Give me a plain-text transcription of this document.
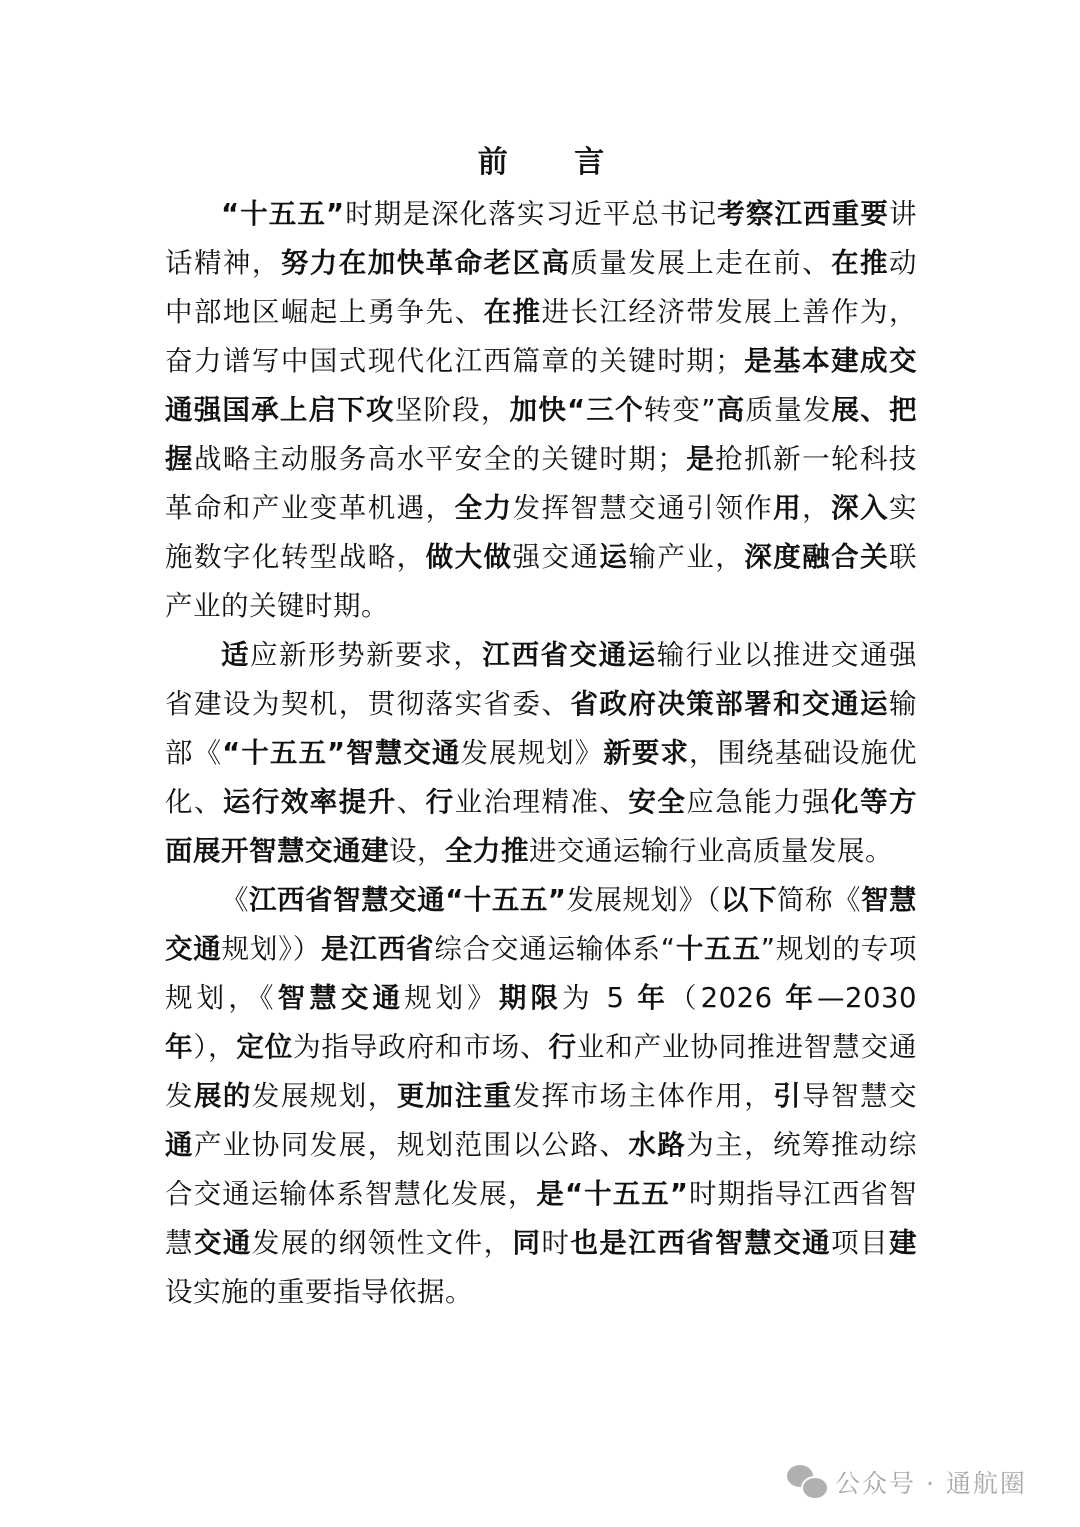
前 言

“十五五”时期是深化落实习近平总书记考察江西重要讲话精神，努力在加快革命老区高质量发展上走在前、在推动中部地区崛起上勇争先、在推进长江经济带发展上善作为，奋力谱写中国式现代化江西篇章的关键时期；是基本建成交通强国承上启下攻坚阶段，加快“三个转变”高质量发展、把握战略主动服务高水平安全的关键时期；是抢抓新一轮科技革命和产业变革机遇，全力发挥智慧交通引领作用，深入实施数字化转型战略，做大做强交通运输产业，深度融合关联产业的关键时期。

适应新形势新要求，江西省交通运输行业以推进交通强省建设为契机，贯彻落实省委、省政府决策部署和交通运输部《“十五五”智慧交通发展规划》新要求，围绕基础设施优化、运行效率提升、行业治理精准、安全应急能力强化等方面展开智慧交通建设，全力推进交通运输行业高质量发展。

《江西省智慧交通“十五五”发展规划》（以下简称《智慧交通规划》）是江西省综合交通运输体系“十五五”规划的专项规划，《智慧交通规划》期限为 5 年（2026 年—2030 年），定位为指导政府和市场、行业和产业协同推进智慧交通发展的发展规划，更加注重发挥市场主体作用，引导智慧交通产业协同发展，规划范围以公路、水路为主，统筹推动综合交通运输体系智慧化发展，是“十五五”时期指导江西省智慧交通发展的纲领性文件，同时也是江西省智慧交通项目建设实施的重要指导依据。

公众号 · 通航圈
